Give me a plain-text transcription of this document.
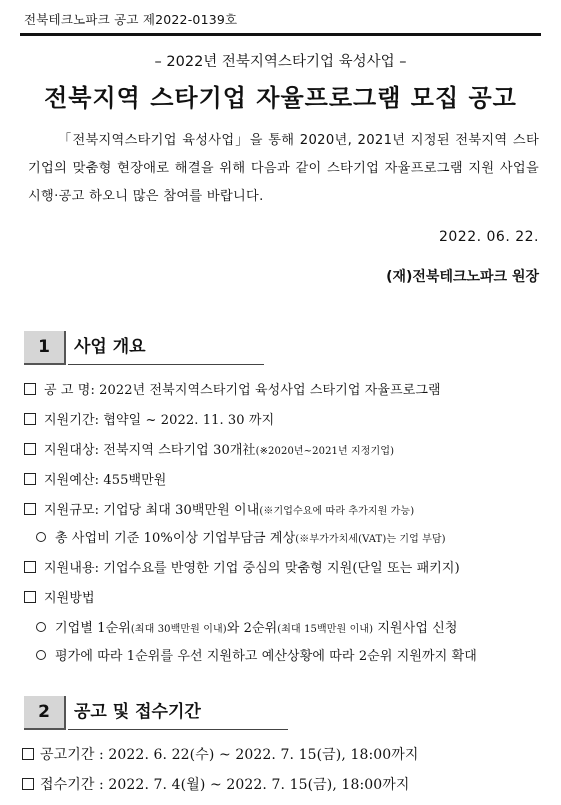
전북테크노파크 공고 제2022-0139호
– 2022년 전북지역스타기업 육성사업 –
전북지역 스타기업 자율프로그램 모집 공고

「전북지역스타기업 육성사업」을 통해 2020년, 2021년 지정된 전북지역 스타기업의 맞춤형 현장애로 해결을 위해 다음과 같이 스타기업 자율프로그램 지원 사업을 시행·공고 하오니 많은 참여를 바랍니다.

2022. 06. 22.
(재)전북테크노파크 원장
1	사업 개요
공 고 명: 2022년 전북지역스타기업 육성사업 스타기업 자율프로그램
지원기간: 협약일 ~ 2022. 11. 30 까지
지원대상: 전북지역 스타기업 30개社(※2020년~2021년 지정기업)
지원예산: 455백만원
지원규모: 기업당 최대 30백만원 이내(※기업수요에 따라 추가지원 가능)
총 사업비 기준 10%이상 기업부담금 계상(※부가가치세(VAT)는 기업 부담)
지원내용: 기업수요를 반영한 기업 중심의 맞춤형 지원(단일 또는 패키지)
지원방법
기업별 1순위(최대 30백만원 이내)와 2순위(최대 15백만원 이내) 지원사업 신청
평가에 따라 1순위를 우선 지원하고 예산상황에 따라 2순위 지원까지 확대
2	공고 및 접수기간
공고기간 : 2022. 6. 22(수) ~ 2022. 7. 15(금), 18:00까지
접수기간 : 2022. 7. 4(월) ~ 2022. 7. 15(금), 18:00까지
